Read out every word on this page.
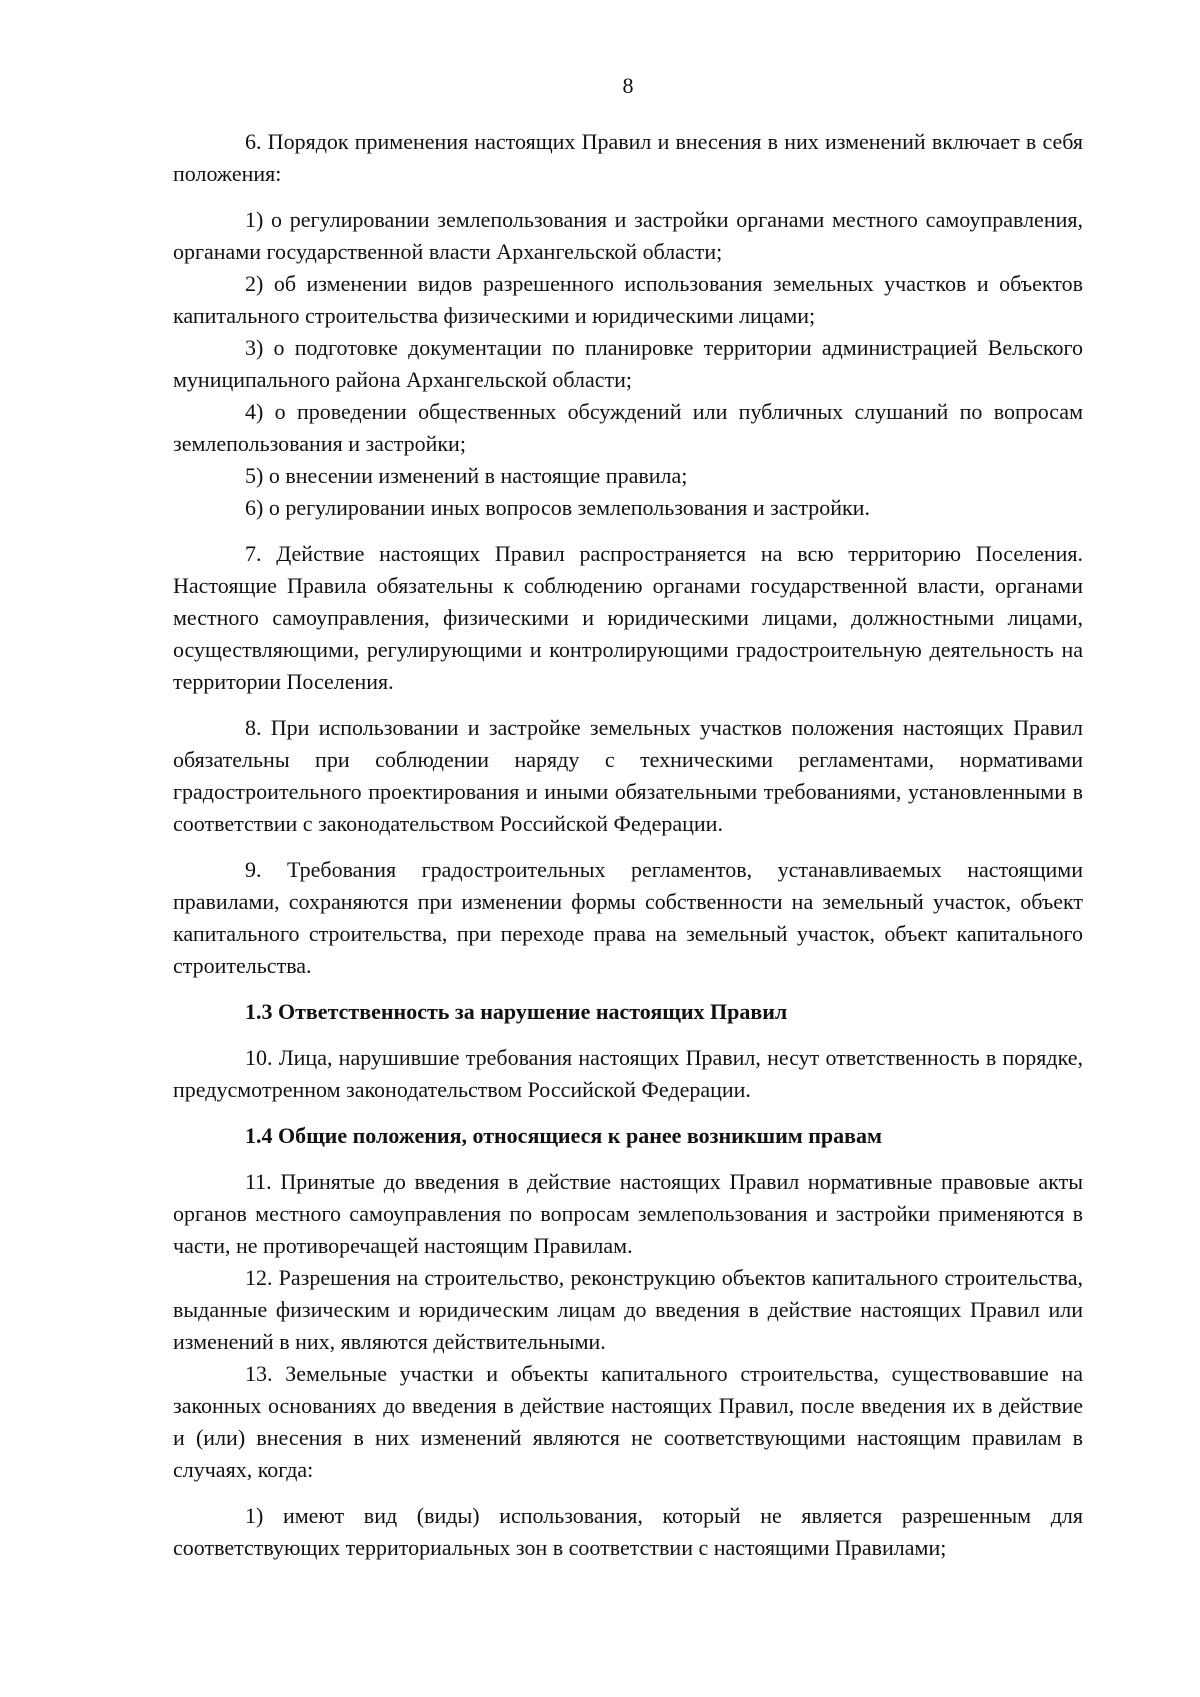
8

6. Порядок применения настоящих Правил и внесения в них изменений включает в себя положения:

1) о регулировании землепользования и застройки органами местного самоуправления, органами государственной власти Архангельской области;

2) об изменении видов разрешенного использования земельных участков и объектов капитального строительства физическими и юридическими лицами;

3) о подготовке документации по планировке территории администрацией Вельского муниципального района Архангельской области;

4) о проведении общественных обсуждений или публичных слушаний по вопросам землепользования и застройки;

5) о внесении изменений в настоящие правила;

6) о регулировании иных вопросов землепользования и застройки.

7. Действие настоящих Правил распространяется на всю территорию Поселения. Настоящие Правила обязательны к соблюдению органами государственной власти, органами местного самоуправления, физическими и юридическими лицами, должностными лицами, осуществляющими, регулирующими и контролирующими градостроительную деятельность на территории Поселения.

8. При использовании и застройке земельных участков положения настоящих Правил обязательны при соблюдении наряду с техническими регламентами, нормативами градостроительного проектирования и иными обязательными требованиями, установленными в соответствии с законодательством Российской Федерации.

9. Требования градостроительных регламентов, устанавливаемых настоящими правилами, сохраняются при изменении формы собственности на земельный участок, объект капитального строительства, при переходе права на земельный участок, объект капитального строительства.

1.3 Ответственность за нарушение настоящих Правил

10. Лица, нарушившие требования настоящих Правил, несут ответственность в порядке, предусмотренном законодательством Российской Федерации.

1.4 Общие положения, относящиеся к ранее возникшим правам

11. Принятые до введения в действие настоящих Правил нормативные правовые акты органов местного самоуправления по вопросам землепользования и застройки применяются в части, не противоречащей настоящим Правилам.

12. Разрешения на строительство, реконструкцию объектов капитального строительства, выданные физическим и юридическим лицам до введения в действие настоящих Правил или изменений в них, являются действительными.

13. Земельные участки и объекты капитального строительства, существовавшие на законных основаниях до введения в действие настоящих Правил, после введения их в действие и (или) внесения в них изменений являются не соответствующими настоящим правилам в случаях, когда:

1) имеют вид (виды) использования, который не является разрешенным для соответствующих территориальных зон в соответствии с настоящими Правилами;
